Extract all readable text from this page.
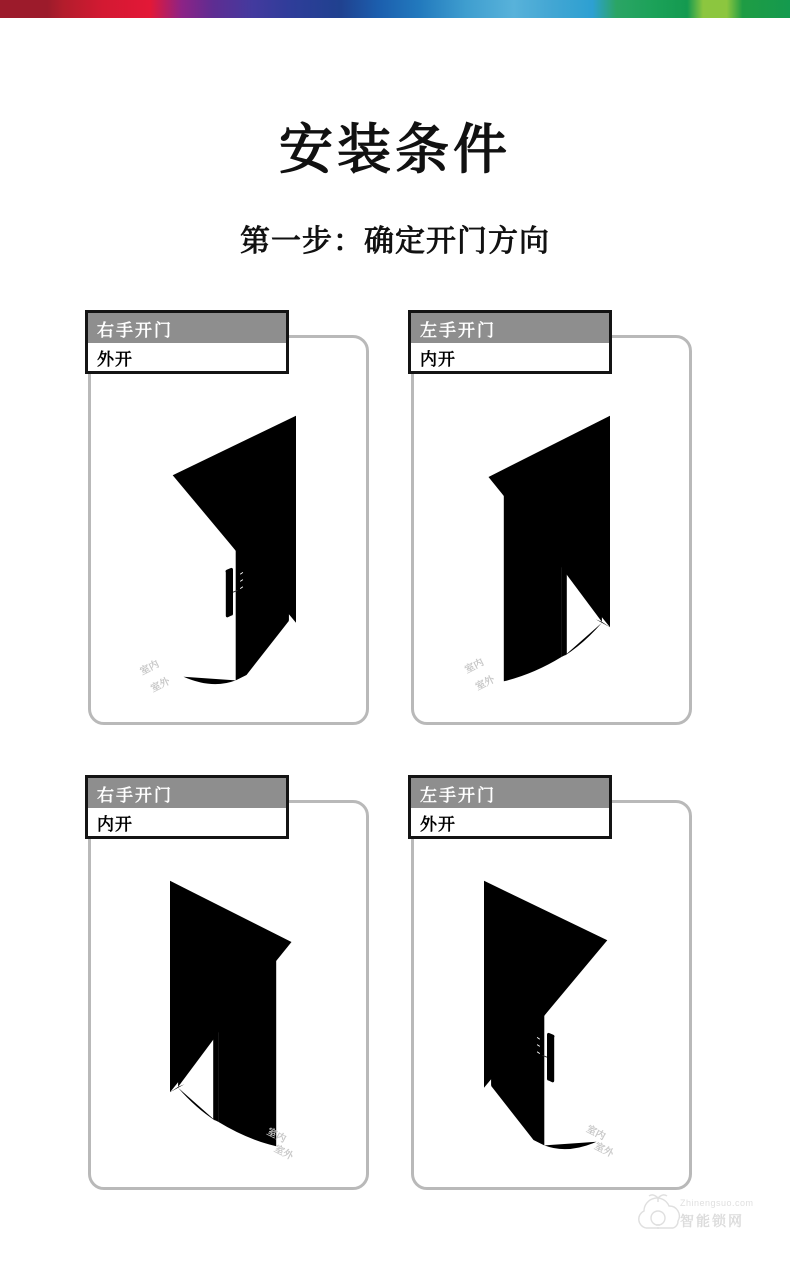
安装条件
第一步：确定开门方向
右手开门
外开
室内
室外
左手开门
内开
室内
室外
右手开门
内开
室内
室外
左手开门
外开
室内
室外
Zhinengsuo.com
智能锁网
